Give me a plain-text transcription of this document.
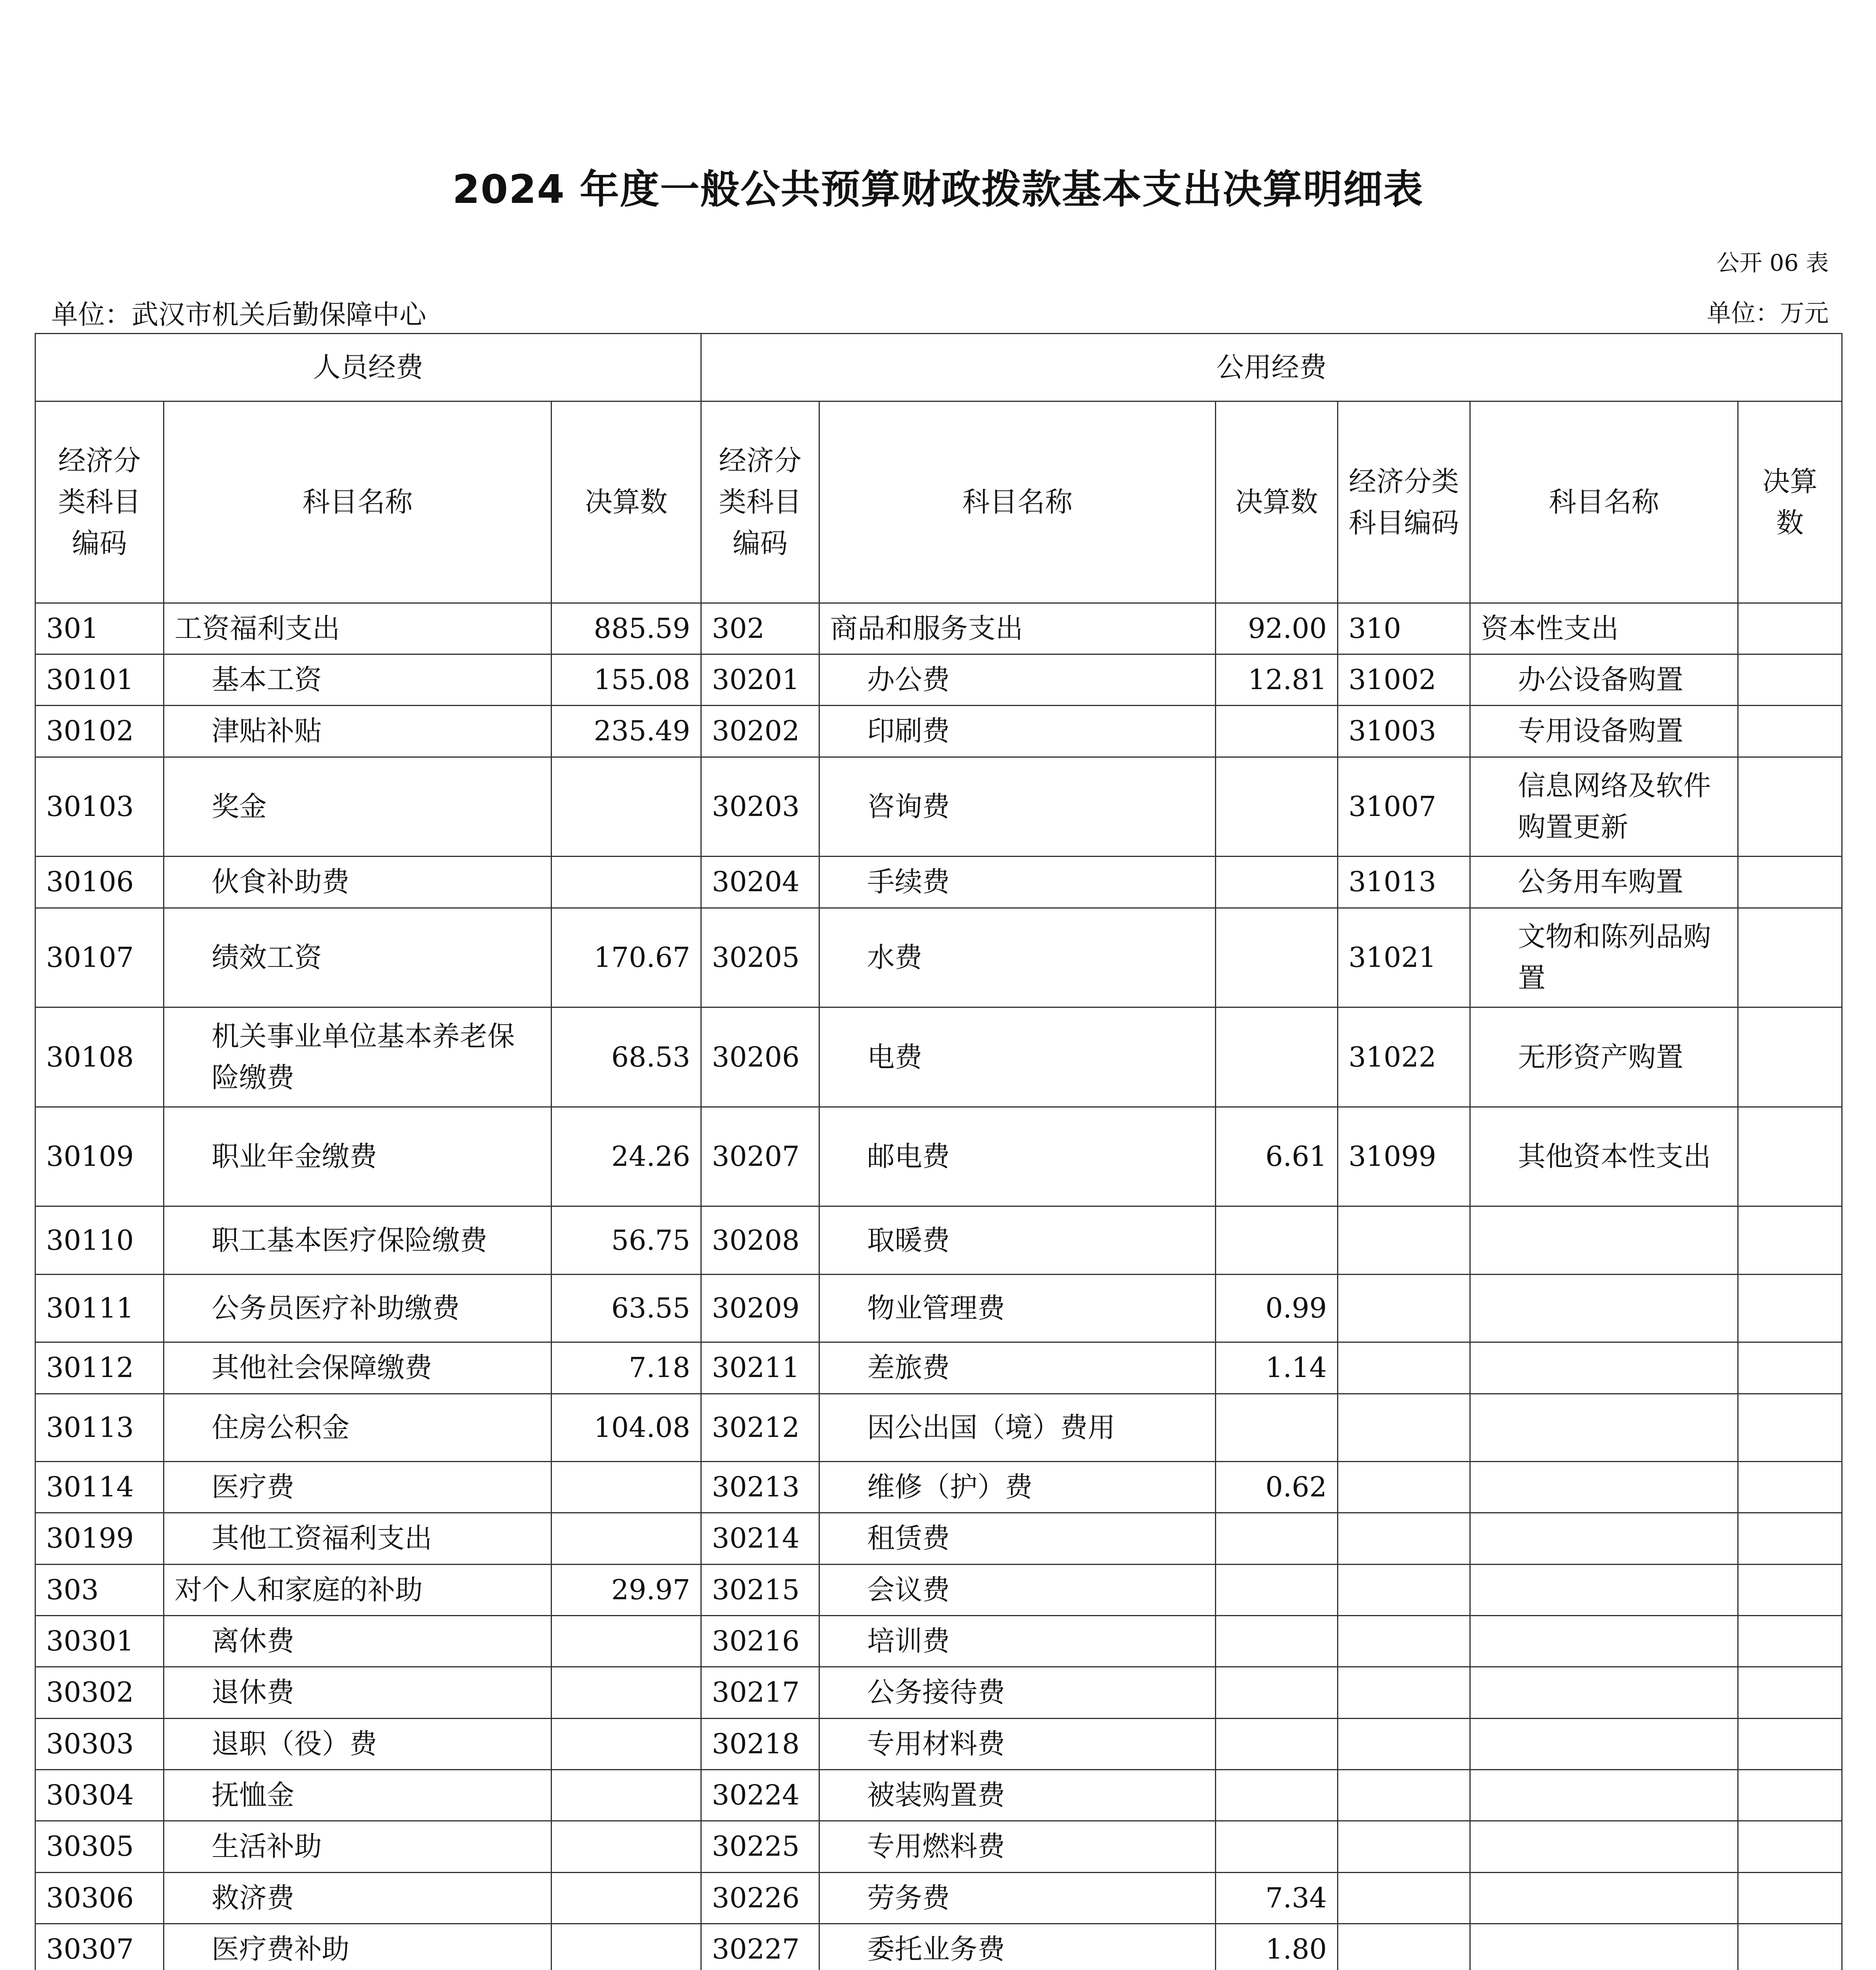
2024 年度一般公共预算财政拨款基本支出决算明细表
公开 06 表
单位：武汉市机关后勤保障中心	单位：万元
人员经费			公用经费					
经济分类科目编码	科目名称	决算数	经济分类科目编码	科目名称	决算数	经济分类科目编码	科目名称	决算数
301	工资福利支出	885.59	302	商品和服务支出	92.00	310	资本性支出	
30101	基本工资	155.08	30201	办公费	12.81	31002	办公设备购置	
30102	津贴补贴	235.49	30202	印刷费		31003	专用设备购置	
30103	奖金		30203	咨询费		31007	信息网络及软件购置更新	
30106	伙食补助费		30204	手续费		31013	公务用车购置	
30107	绩效工资	170.67	30205	水费		31021	文物和陈列品购置	
30108	机关事业单位基本养老保险缴费	68.53	30206	电费		31022	无形资产购置	
30109	职业年金缴费	24.26	30207	邮电费	6.61	31099	其他资本性支出	
30110	职工基本医疗保险缴费	56.75	30208	取暖费				
30111	公务员医疗补助缴费	63.55	30209	物业管理费	0.99			
30112	其他社会保障缴费	7.18	30211	差旅费	1.14			
30113	住房公积金	104.08	30212	因公出国（境）费用				
30114	医疗费		30213	维修（护）费	0.62			
30199	其他工资福利支出		30214	租赁费				
303	对个人和家庭的补助	29.97	30215	会议费				
30301	离休费		30216	培训费				
30302	退休费		30217	公务接待费				
30303	退职（役）费		30218	专用材料费				
30304	抚恤金		30224	被装购置费				
30305	生活补助		30225	专用燃料费				
30306	救济费		30226	劳务费	7.34			
30307	医疗费补助		30227	委托业务费	1.80			
